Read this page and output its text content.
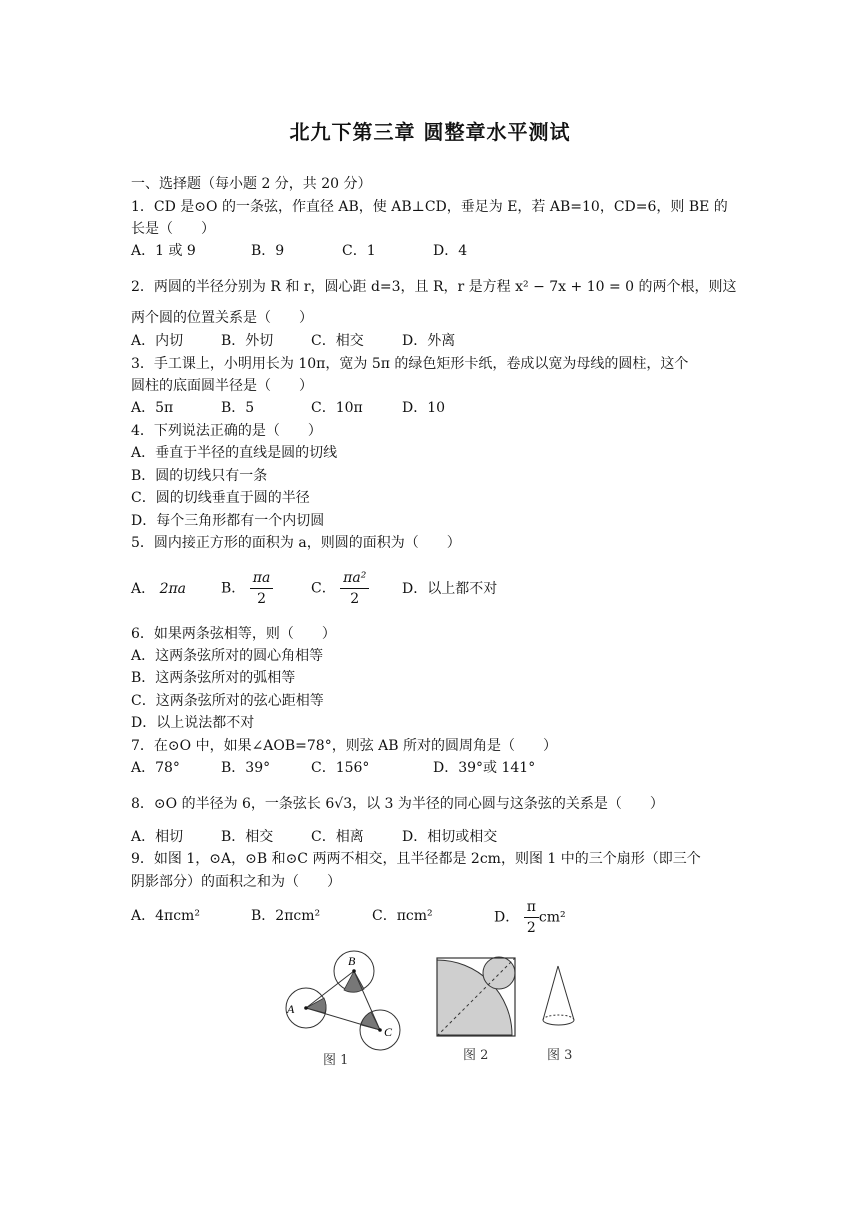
北九下第三章 圆整章水平测试
一、选择题（每小题 2 分，共 20 分）
1．CD 是⊙O 的一条弦，作直径 AB，使 AB⊥CD，垂足为 E，若 AB=10，CD=6，则 BE 的
长是（　　）
A．1 或 9	B．9	C．1	D．4
2．两圆的半径分别为 R 和 r，圆心距 d=3，且 R，r 是方程 x² − 7x + 10 = 0 的两个根，则这
两个圆的位置关系是（　　）
A．内切	B．外切	C．相交	D．外离
3．手工课上，小明用长为 10π，宽为 5π 的绿色矩形卡纸，卷成以宽为母线的圆柱，这个
圆柱的底面圆半径是（　　）
A．5π	B．5	C．10π	D．10
4．下列说法正确的是（　　）
A．垂直于半径的直线是圆的切线
B．圆的切线只有一条
C．圆的切线垂直于圆的半径
D．每个三角形都有一个内切圆
5．圆内接正方形的面积为 a，则圆的面积为（　　）
A． 2πa B． $\frac{\pi a}{2}$	C． $\frac{\text{πa²}}{2}$ D．以上都不对
6．如果两条弦相等，则（　　）
A．这两条弦所对的圆心角相等
B．这两条弦所对的弧相等
C．这两条弦所对的弦心距相等
D．以上说法都不对
7．在⊙O 中，如果∠AOB=78°，则弦 AB 所对的圆周角是（　　）
A．78°	B．39°	C．156°	D．39°或 141°
8．⊙O 的半径为 6，一条弦长 6√3，以 3 为半径的同心圆与这条弦的关系是（　　）
A．相切	B．相交	C．相离	D．相切或相交
9．如图 1，⊙A，⊙B 和⊙C 两两不相交，且半径都是 2cm，则图 1 中的三个扇形（即三个
阴影部分）的面积之和为（　　）
A．4πcm²	B．2πcm²	C．πcm²	D． $\frac{\pi}{2} cm^2$
A
B
C
图 1	图 2	图 3
